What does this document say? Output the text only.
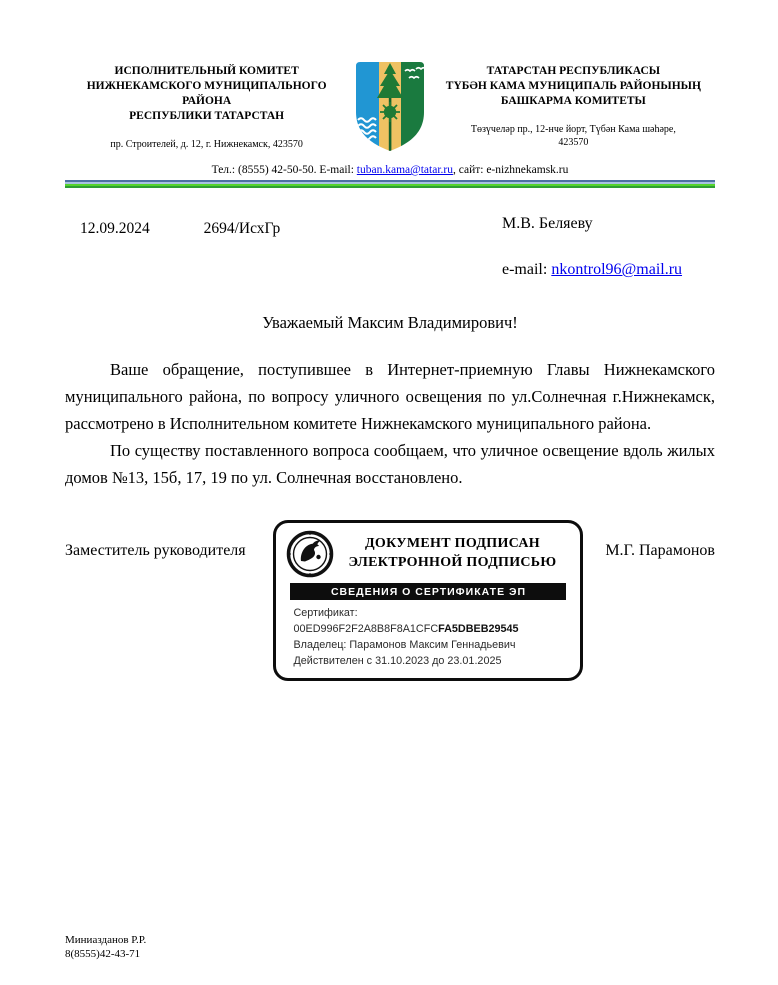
ИСПОЛНИТЕЛЬНЫЙ КОМИТЕТ
НИЖНЕКАМСКОГО МУНИЦИПАЛЬНОГО РАЙОНА
РЕСПУБЛИКИ ТАТАРСТАН
пр. Строителей, д. 12, г. Нижнекамск, 423570
ТАТАРСТАН РЕСПУБЛИКАСЫ
ТҮБӘН КАМА МУНИЦИПАЛЬ РАЙОНЫНЫҢ
БАШКАРМА КОМИТЕТЫ
Төзүчеләр пр., 12-нче йорт, Түбән Кама шәһәре,
423570
Тел.: (8555) 42-50-50. E-mail: tuban.kama@tatar.ru, сайт: e-nizhnekamsk.ru
12.09.2024	2694/ИсхГр	М.В. Беляеву
e-mail: nkontrol96@mail.ru
Уважаемый Максим Владимирович!

Ваше обращение, поступившее в Интернет-приемную Главы Нижнекамского муниципального района, по вопросу уличного освещения по ул.Солнечная г.Нижнекамск, рассмотрено в Исполнительном комитете Нижнекамского муниципального района.

По существу поставленного вопроса сообщаем, что уличное освещение вдоль жилых домов №13, 15б, 17, 19 по ул. Солнечная восстановлено.

Заместитель руководителя	ДОКУМЕНТ ПОДПИСАН
ЭЛЕКТРОННОЙ ПОДПИСЬЮ
СВЕДЕНИЯ О СЕРТИФИКАТЕ ЭП
Сертификат: 00ED996F2F2A8B8F8A1CFCFA5DBEB29545
Владелец: Парамонов Максим Геннадьевич
Действителен с 31.10.2023 до 23.01.2025
М.Г. Парамонов
Миниазданов Р.Р.
8(8555)42-43-71
